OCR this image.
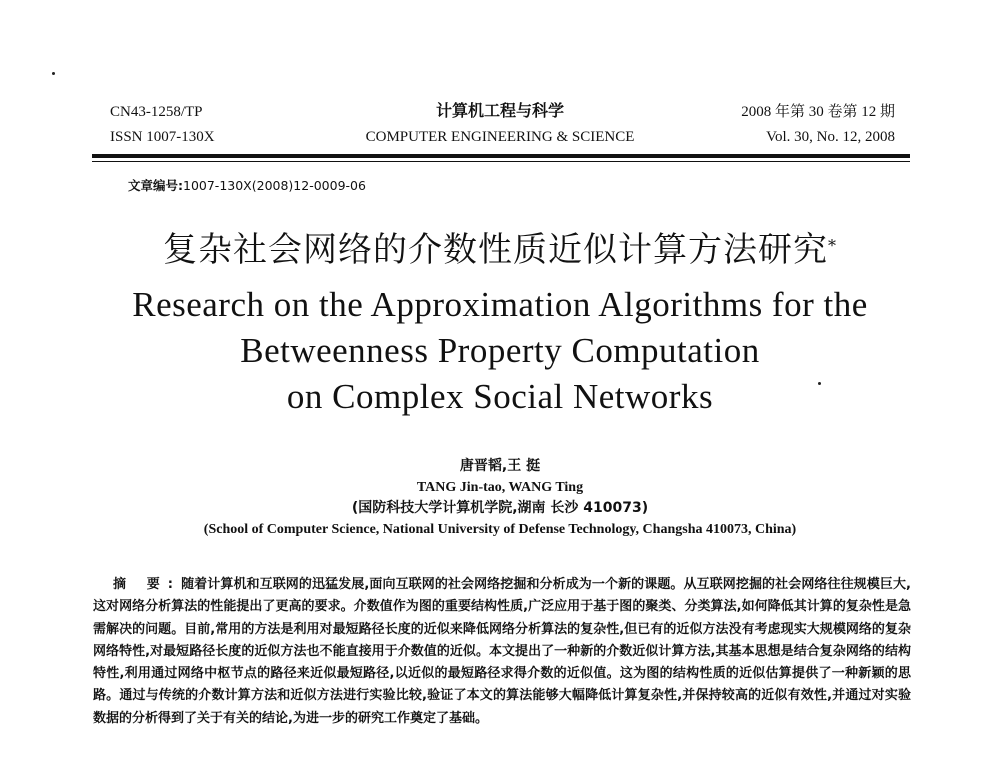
CN43-1258/TP
ISSN 1007-130X
计算机工程与科学
COMPUTER ENGINEERING & SCIENCE
2008 年第 30 卷第 12 期
Vol. 30, No. 12, 2008
文章编号:1007-130X(2008)12-0009-06
复杂社会网络的介数性质近似计算方法研究*
Research on the Approximation Algorithms for the
Betweenness Property Computation
on Complex Social Networks
唐晋韬,王 挺
TANG Jin-tao, WANG Ting
(国防科技大学计算机学院,湖南 长沙 410073)
(School of Computer Science, National University of Defense Technology, Changsha 410073, China)
摘 要:随着计算机和互联网的迅猛发展,面向互联网的社会网络挖掘和分析成为一个新的课题。从互联网挖掘的社会网络往往规模巨大,这对网络分析算法的性能提出了更高的要求。介数值作为图的重要结构性质,广泛应用于基于图的聚类、分类算法,如何降低其计算的复杂性是急需解决的问题。目前,常用的方法是利用对最短路径长度的近似来降低网络分析算法的复杂性,但已有的近似方法没有考虑现实大规模网络的复杂网络特性,对最短路径长度的近似方法也不能直接用于介数值的近似。本文提出了一种新的介数近似计算方法,其基本思想是结合复杂网络的结构特性,利用通过网络中枢节点的路径来近似最短路径,以近似的最短路径求得介数的近似值。这为图的结构性质的近似估算提供了一种新颖的思路。通过与传统的介数计算方法和近似方法进行实验比较,验证了本文的算法能够大幅降低计算复杂性,并保持较高的近似有效性,并通过对实验数据的分析得到了关于有关的结论,为进一步的研究工作奠定了基础。
